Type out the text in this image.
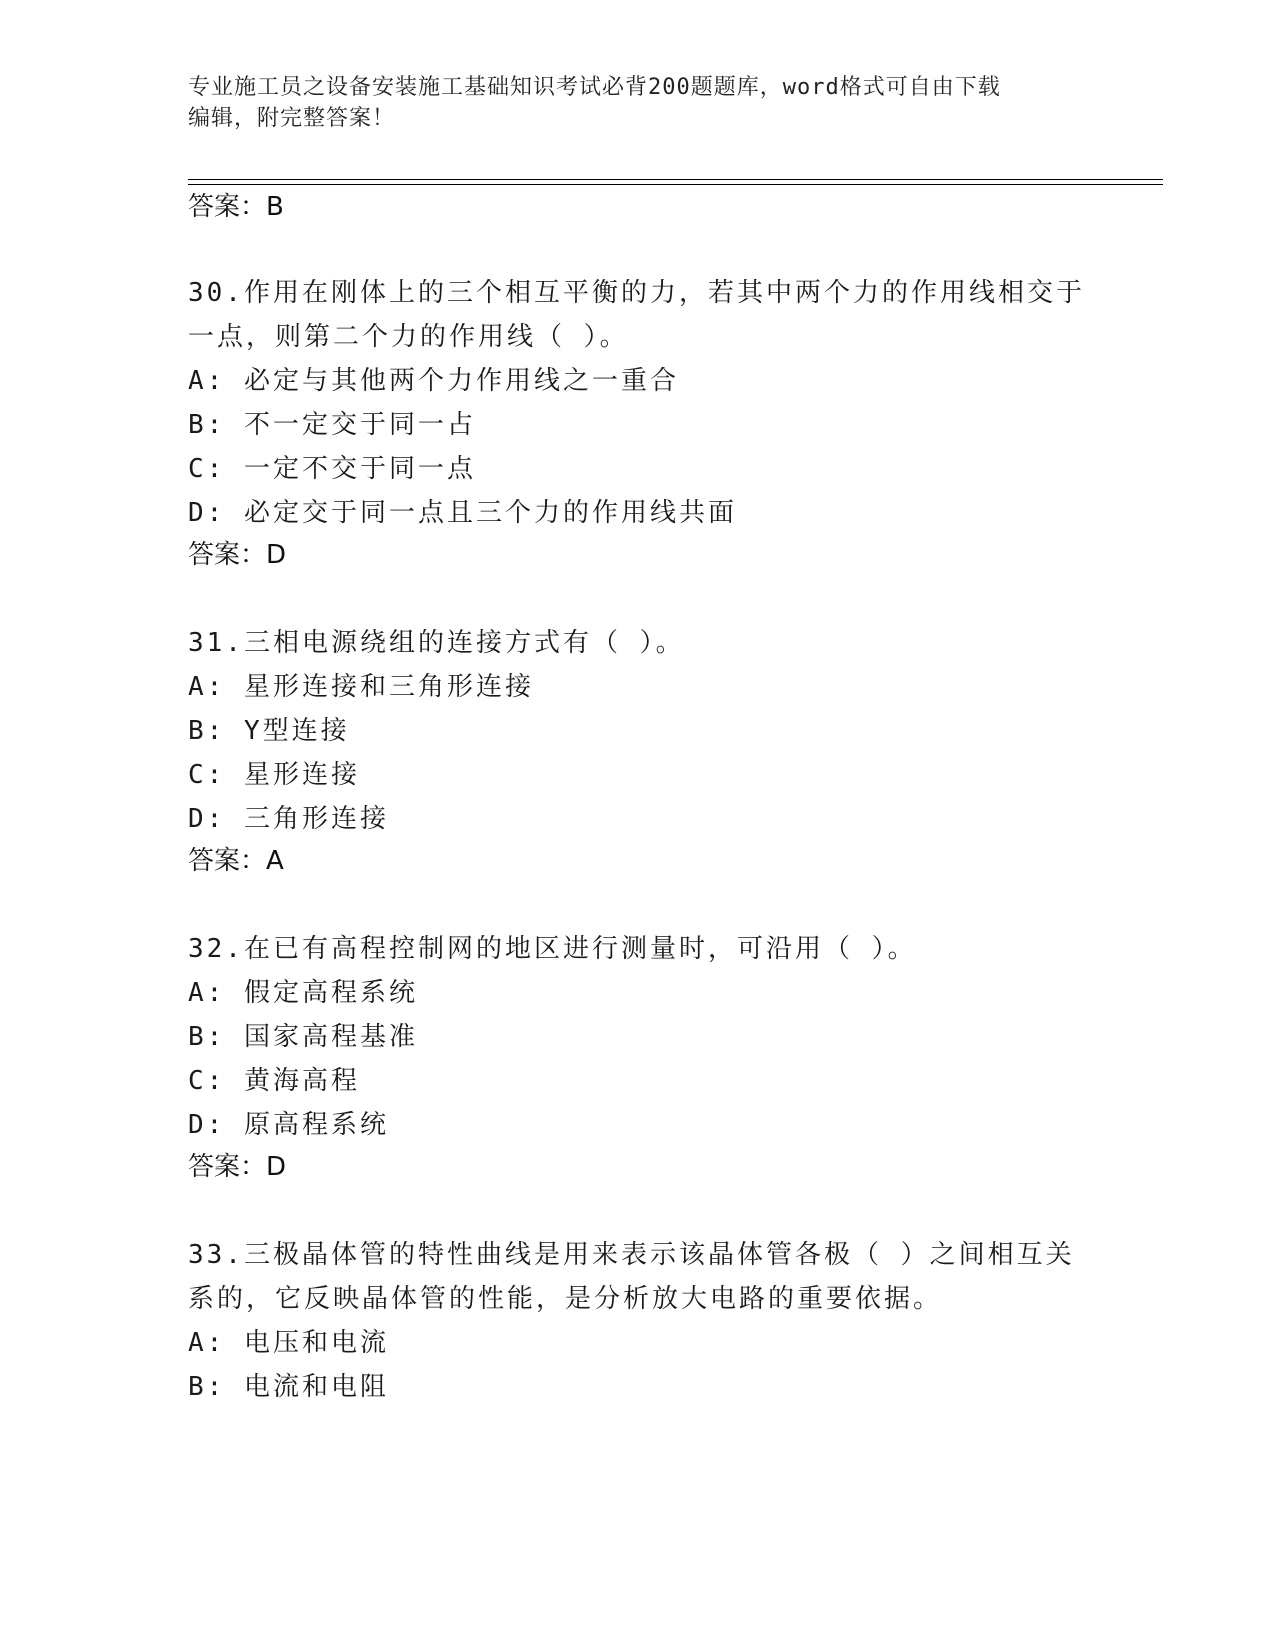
专业施工员之设备安装施工基础知识考试必背200题题库，word格式可自由下载
编辑，附完整答案！
答案：B
30.作用在刚体上的三个相互平衡的力，若其中两个力的作用线相交于
一点，则第二个力的作用线（ ）。
A: 必定与其他两个力作用线之一重合
B: 不一定交于同一占
C: 一定不交于同一点
D: 必定交于同一点且三个力的作用线共面
答案：D
31.三相电源绕组的连接方式有（ ）。
A: 星形连接和三角形连接
B: Y型连接
C: 星形连接
D: 三角形连接
答案：A
32.在已有高程控制网的地区进行测量时，可沿用（ ）。
A: 假定高程系统
B: 国家高程基准
C: 黄海高程
D: 原高程系统
答案：D
33.三极晶体管的特性曲线是用来表示该晶体管各极（ ）之间相互关
系的，它反映晶体管的性能，是分析放大电路的重要依据。
A: 电压和电流
B: 电流和电阻
